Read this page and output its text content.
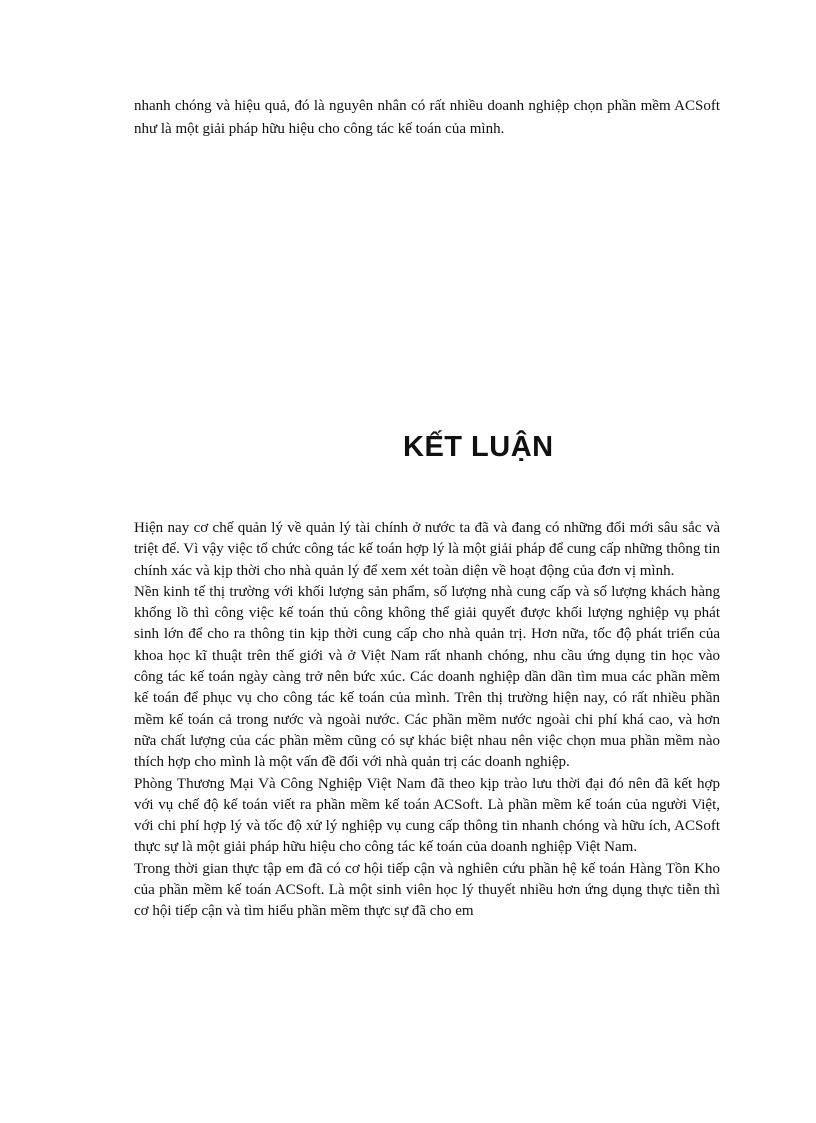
nhanh chóng và hiệu quả, đó là nguyên nhân có rất nhiều doanh nghiệp chọn phần mềm ACSoft như là một giải pháp hữu hiệu cho công tác kế toán của mình.

KẾT LUẬN

Hiện nay cơ chế quản lý về quản lý tài chính ở nước ta đã và đang có những đổi mới sâu sắc và triệt để. Vì vậy việc tổ chức công tác kế toán hợp lý là một giải pháp để cung cấp những thông tin chính xác và kịp thời cho nhà quản lý để xem xét toàn diện về hoạt động của đơn vị mình.

Nền kinh tế thị trường với khối lượng sản phẩm, số lượng nhà cung cấp và số lượng khách hàng khổng lồ thì công việc kế toán thủ công không thể giải quyết được khối lượng nghiệp vụ phát sinh lớn để cho ra thông tin kịp thời cung cấp cho nhà quản trị. Hơn nữa, tốc độ phát triển của khoa học kĩ thuật trên thế giới và ở Việt Nam rất nhanh chóng, nhu cầu ứng dụng tin học vào công tác kế toán ngày càng trở nên bức xúc. Các doanh nghiệp dần dần tìm mua các phần mềm kế toán để phục vụ cho công tác kế toán của mình. Trên thị trường hiện nay, có rất nhiều phần mềm kế toán cả trong nước và ngoài nước. Các phần mềm nước ngoài chi phí khá cao, và hơn nữa chất lượng của các phần mềm cũng có sự khác biệt nhau nên việc chọn mua phần mềm nào thích hợp cho mình là một vấn đề đối với nhà quản trị các doanh nghiệp.

Phòng Thương Mại Và Công Nghiệp Việt Nam đã theo kịp trào lưu thời đại đó nên đã kết hợp với vụ chế độ kế toán viết ra phần mềm kế toán ACSoft. Là phần mềm kế toán của người Việt, với chi phí hợp lý và tốc độ xử lý nghiệp vụ cung cấp thông tin nhanh chóng và hữu ích, ACSoft thực sự là một giải pháp hữu hiệu cho công tác kế toán của doanh nghiệp Việt Nam.

Trong thời gian thực tập em đã có cơ hội tiếp cận và nghiên cứu phần hệ kế toán Hàng Tồn Kho của phần mềm kế toán ACSoft. Là một sinh viên học lý thuyết nhiều hơn ứng dụng thực tiễn thì cơ hội tiếp cận và tìm hiểu phần mềm thực sự đã cho em
